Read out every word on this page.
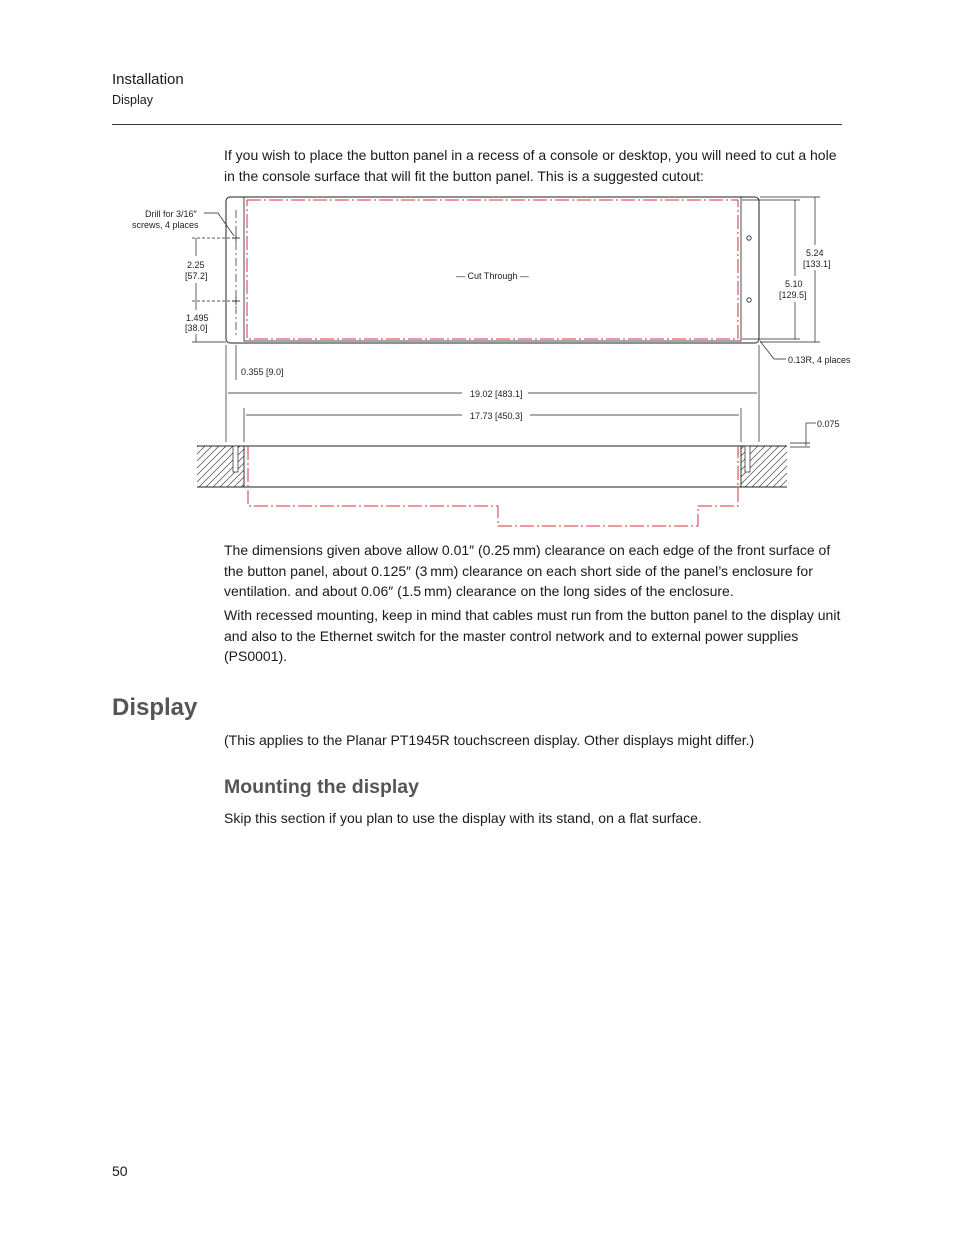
Installation
Display

If you wish to place the button panel in a recess of a console or desktop, you will need to cut a hole in the console surface that will fit the button panel. This is a suggested cutout:

Drill for 3/16″
screws, 4 places
2.25
[57.2]
1.495
[38.0]
— Cut Through —
5.24
[133.1]
5.10
[129.5]
0.13R, 4 places
0.355 [9.0]
19.02 [483.1]
17.73 [450.3]
0.075

The dimensions given above allow 0.01″ (0.25 mm) clearance on each edge of the front surface of the button panel, about 0.125″ (3 mm) clearance on each short side of the panel’s enclosure for ventilation. and about 0.06″ (1.5 mm) clearance on the long sides of the enclosure.

With recessed mounting, keep in mind that cables must run from the button panel to the display unit and also to the Ethernet switch for the master control network and to external power supplies (PS0001).

Display

(This applies to the Planar PT1945R touchscreen display. Other displays might differ.)

Mounting the display

Skip this section if you plan to use the display with its stand, on a flat surface.

50
